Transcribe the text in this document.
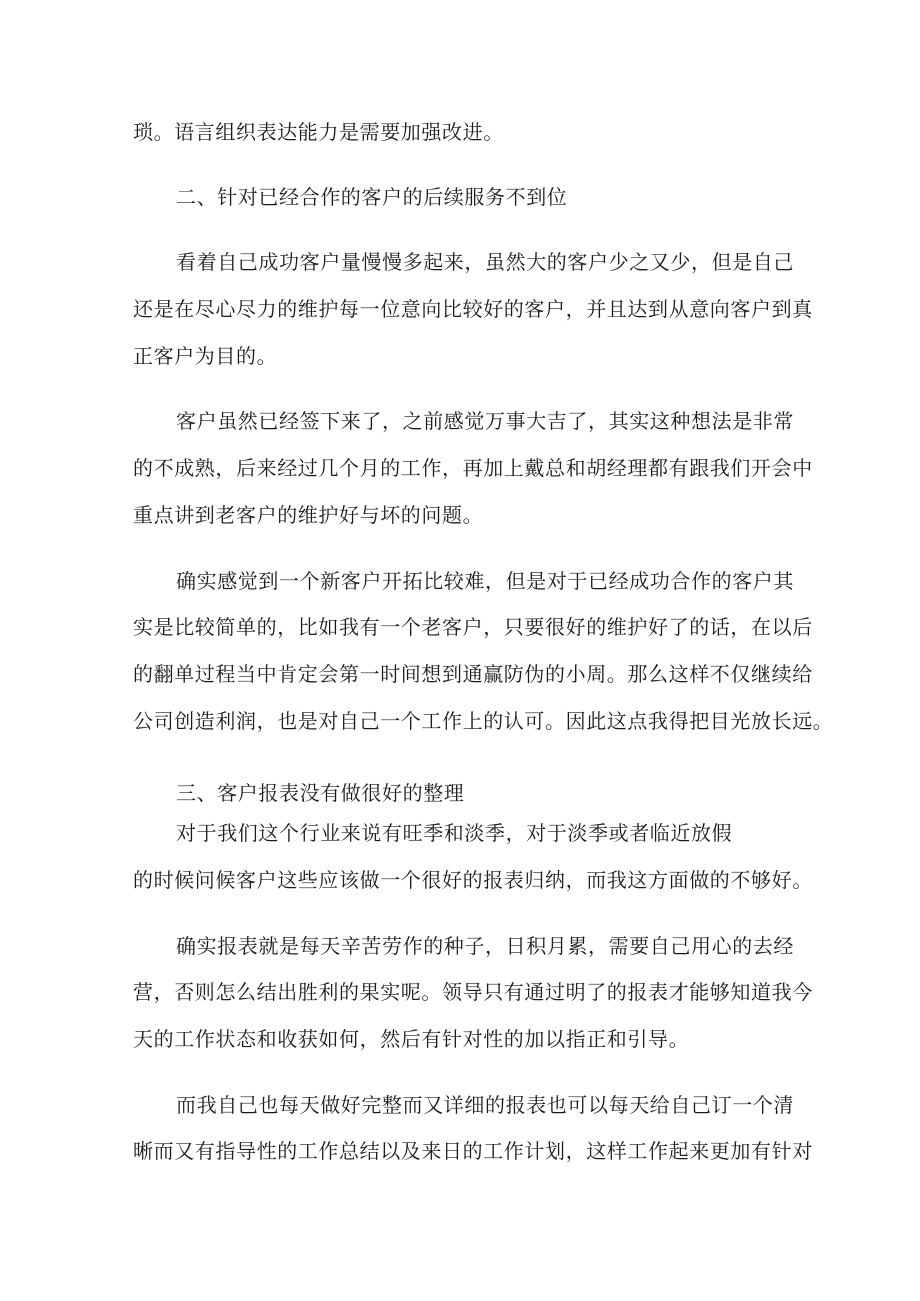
琐。语言组织表达能力是需要加强改进。
二、针对已经合作的客户的后续服务不到位
看着自己成功客户量慢慢多起来，虽然大的客户少之又少，但是自己
还是在尽心尽力的维护每一位意向比较好的客户，并且达到从意向客户到真
正客户为目的。
客户虽然已经签下来了，之前感觉万事大吉了，其实这种想法是非常
的不成熟，后来经过几个月的工作，再加上戴总和胡经理都有跟我们开会中
重点讲到老客户的维护好与坏的问题。
确实感觉到一个新客户开拓比较难，但是对于已经成功合作的客户其
实是比较简单的，比如我有一个老客户，只要很好的维护好了的话，在以后
的翻单过程当中肯定会第一时间想到通赢防伪的小周。那么这样不仅继续给
公司创造利润，也是对自己一个工作上的认可。因此这点我得把目光放长远。
三、客户报表没有做很好的整理
对于我们这个行业来说有旺季和淡季，对于淡季或者临近放假
的时候问候客户这些应该做一个很好的报表归纳，而我这方面做的不够好。
确实报表就是每天辛苦劳作的种子，日积月累，需要自己用心的去经
营，否则怎么结出胜利的果实呢。领导只有通过明了的报表才能够知道我今
天的工作状态和收获如何，然后有针对性的加以指正和引导。
而我自己也每天做好完整而又详细的报表也可以每天给自己订一个清
晰而又有指导性的工作总结以及来日的工作计划，这样工作起来更加有针对
